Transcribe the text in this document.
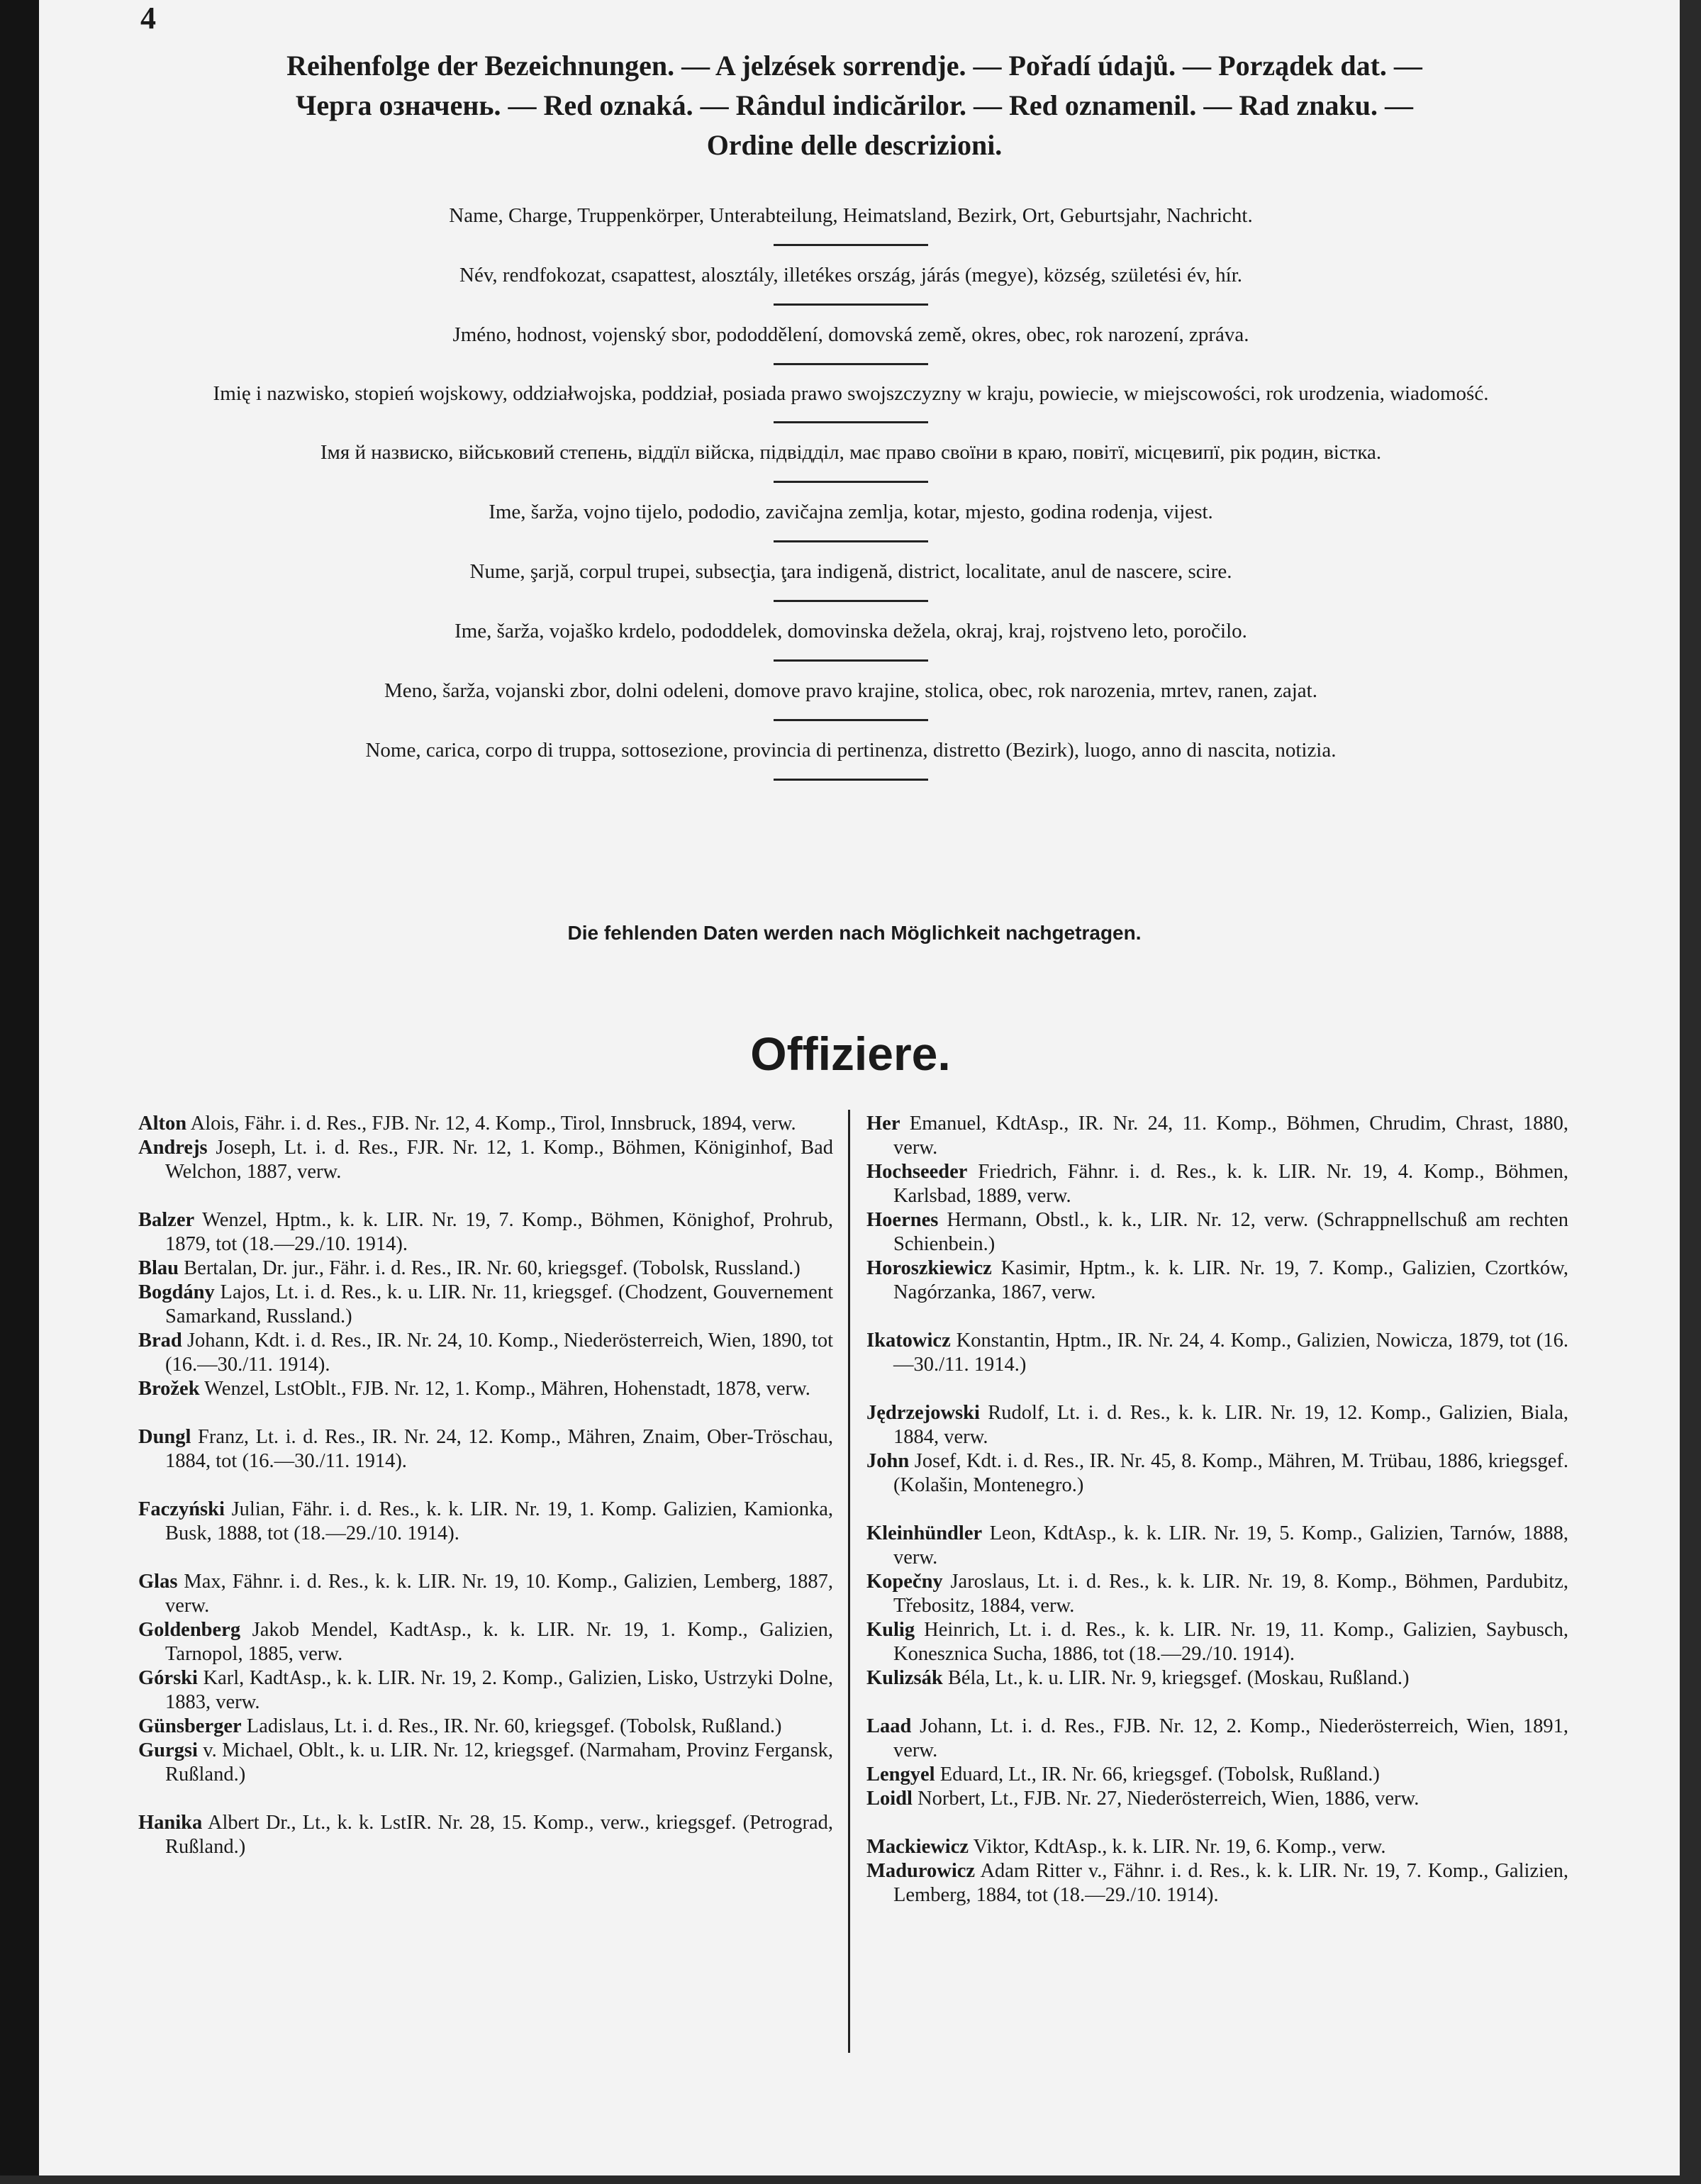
4
Reihenfolge der Bezeichnungen. — A jelzések sorrendje. — Pořadí údajů. — Porządek dat. —
Черга означень. — Red oznaká. — Rândul indicărilor. — Red oznamenil. — Rad znaku. —
Ordine delle descrizioni.
Name, Charge, Truppenkörper, Unterabteilung, Heimatsland, Bezirk, Ort, Geburtsjahr, Nachricht.
Név, rendfokozat, csapattest, alosztály, illetékes ország, járás (megye), község, születési év, hír.
Jméno, hodnost, vojenský sbor, pododdělení, domovská země, okres, obec, rok narození, zpráva.
Imię i nazwisko, stopień wojskowy, oddziałwojska, poddział, posiada prawo swojszczyzny w kraju, powiecie, w miejscowości, rok urodzenia, wiadomość.
Імя й назвиско, військовий степень, віддїл війска, підвідділ, має право своїни в краю, повітї, місцевипї, рік родин, вістка.
Ime, šarža, vojno tijelo, pododio, zavičajna zemlja, kotar, mjesto, godina rodenja, vijest.
Nume, şarjă, corpul trupei, subsecţia, ţara indigenă, district, localitate, anul de nascere, scire.
Ime, šarža, vojaško krdelo, pododdelek, domovinska dežela, okraj, kraj, rojstveno leto, poročilo.
Meno, šarža, vojanski zbor, dolni odeleni, domove pravo krajine, stolica, obec, rok narozenia, mrtev, ranen, zajat.
Nome, carica, corpo di truppa, sottosezione, provincia di pertinenza, distretto (Bezirk), luogo, anno di nascita, notizia.
Die fehlenden Daten werden nach Möglichkeit nachgetragen.
Offiziere.
Alton Alois, Fähr. i. d. Res., FJB. Nr. 12, 4. Komp., Tirol, Innsbruck, 1894, verw.
Andrejs Joseph, Lt. i. d. Res., FJR. Nr. 12, 1. Komp., Böhmen, Königinhof, Bad Welchon, 1887, verw.
Balzer Wenzel, Hptm., k. k. LIR. Nr. 19, 7. Komp., Böhmen, Könighof, Prohrub, 1879, tot (18.—29./10. 1914).
Blau Bertalan, Dr. jur., Fähr. i. d. Res., IR. Nr. 60, kriegsgef. (Tobolsk, Russland.)
Bogdány Lajos, Lt. i. d. Res., k. u. LIR. Nr. 11, kriegsgef. (Chodzent, Gouvernement Samarkand, Russland.)
Brad Johann, Kdt. i. d. Res., IR. Nr. 24, 10. Komp., Niederösterreich, Wien, 1890, tot (16.—30./11. 1914).
Brožek Wenzel, LstOblt., FJB. Nr. 12, 1. Komp., Mähren, Hohenstadt, 1878, verw.
Dungl Franz, Lt. i. d. Res., IR. Nr. 24, 12. Komp., Mähren, Znaim, Ober-Tröschau, 1884, tot (16.—30./11. 1914).
Faczyński Julian, Fähr. i. d. Res., k. k. LIR. Nr. 19, 1. Komp. Galizien, Kamionka, Busk, 1888, tot (18.—29./10. 1914).
Glas Max, Fähnr. i. d. Res., k. k. LIR. Nr. 19, 10. Komp., Galizien, Lemberg, 1887, verw.
Goldenberg Jakob Mendel, KadtAsp., k. k. LIR. Nr. 19, 1. Komp., Galizien, Tarnopol, 1885, verw.
Górski Karl, KadtAsp., k. k. LIR. Nr. 19, 2. Komp., Galizien, Lisko, Ustrzyki Dolne, 1883, verw.
Günsberger Ladislaus, Lt. i. d. Res., IR. Nr. 60, kriegsgef. (Tobolsk, Rußland.)
Gurgsi v. Michael, Oblt., k. u. LIR. Nr. 12, kriegsgef. (Narmaham, Provinz Fergansk, Rußland.)
Hanika Albert Dr., Lt., k. k. LstIR. Nr. 28, 15. Komp., verw., kriegsgef. (Petrograd, Rußland.)
Her Emanuel, KdtAsp., IR. Nr. 24, 11. Komp., Böhmen, Chrudim, Chrast, 1880, verw.
Hochseeder Friedrich, Fähnr. i. d. Res., k. k. LIR. Nr. 19, 4. Komp., Böhmen, Karlsbad, 1889, verw.
Hoernes Hermann, Obstl., k. k., LIR. Nr. 12, verw. (Schrappnellschuß am rechten Schienbein.)
Horoszkiewicz Kasimir, Hptm., k. k. LIR. Nr. 19, 7. Komp., Galizien, Czortków, Nagórzanka, 1867, verw.
Ikatowicz Konstantin, Hptm., IR. Nr. 24, 4. Komp., Galizien, Nowicza, 1879, tot (16.—30./11. 1914.)
Jędrzejowski Rudolf, Lt. i. d. Res., k. k. LIR. Nr. 19, 12. Komp., Galizien, Biala, 1884, verw.
John Josef, Kdt. i. d. Res., IR. Nr. 45, 8. Komp., Mähren, M. Trübau, 1886, kriegsgef. (Kolašin, Montenegro.)
Kleinhündler Leon, KdtAsp., k. k. LIR. Nr. 19, 5. Komp., Galizien, Tarnów, 1888, verw.
Kopečny Jaroslaus, Lt. i. d. Res., k. k. LIR. Nr. 19, 8. Komp., Böhmen, Pardubitz, Třebositz, 1884, verw.
Kulig Heinrich, Lt. i. d. Res., k. k. LIR. Nr. 19, 11. Komp., Galizien, Saybusch, Konesznica Sucha, 1886, tot (18.—29./10. 1914).
Kulizsák Béla, Lt., k. u. LIR. Nr. 9, kriegsgef. (Moskau, Rußland.)
Laad Johann, Lt. i. d. Res., FJB. Nr. 12, 2. Komp., Niederösterreich, Wien, 1891, verw.
Lengyel Eduard, Lt., IR. Nr. 66, kriegsgef. (Tobolsk, Rußland.)
Loidl Norbert, Lt., FJB. Nr. 27, Niederösterreich, Wien, 1886, verw.
Mackiewicz Viktor, KdtAsp., k. k. LIR. Nr. 19, 6. Komp., verw.
Madurowicz Adam Ritter v., Fähnr. i. d. Res., k. k. LIR. Nr. 19, 7. Komp., Galizien, Lemberg, 1884, tot (18.—29./10. 1914).
